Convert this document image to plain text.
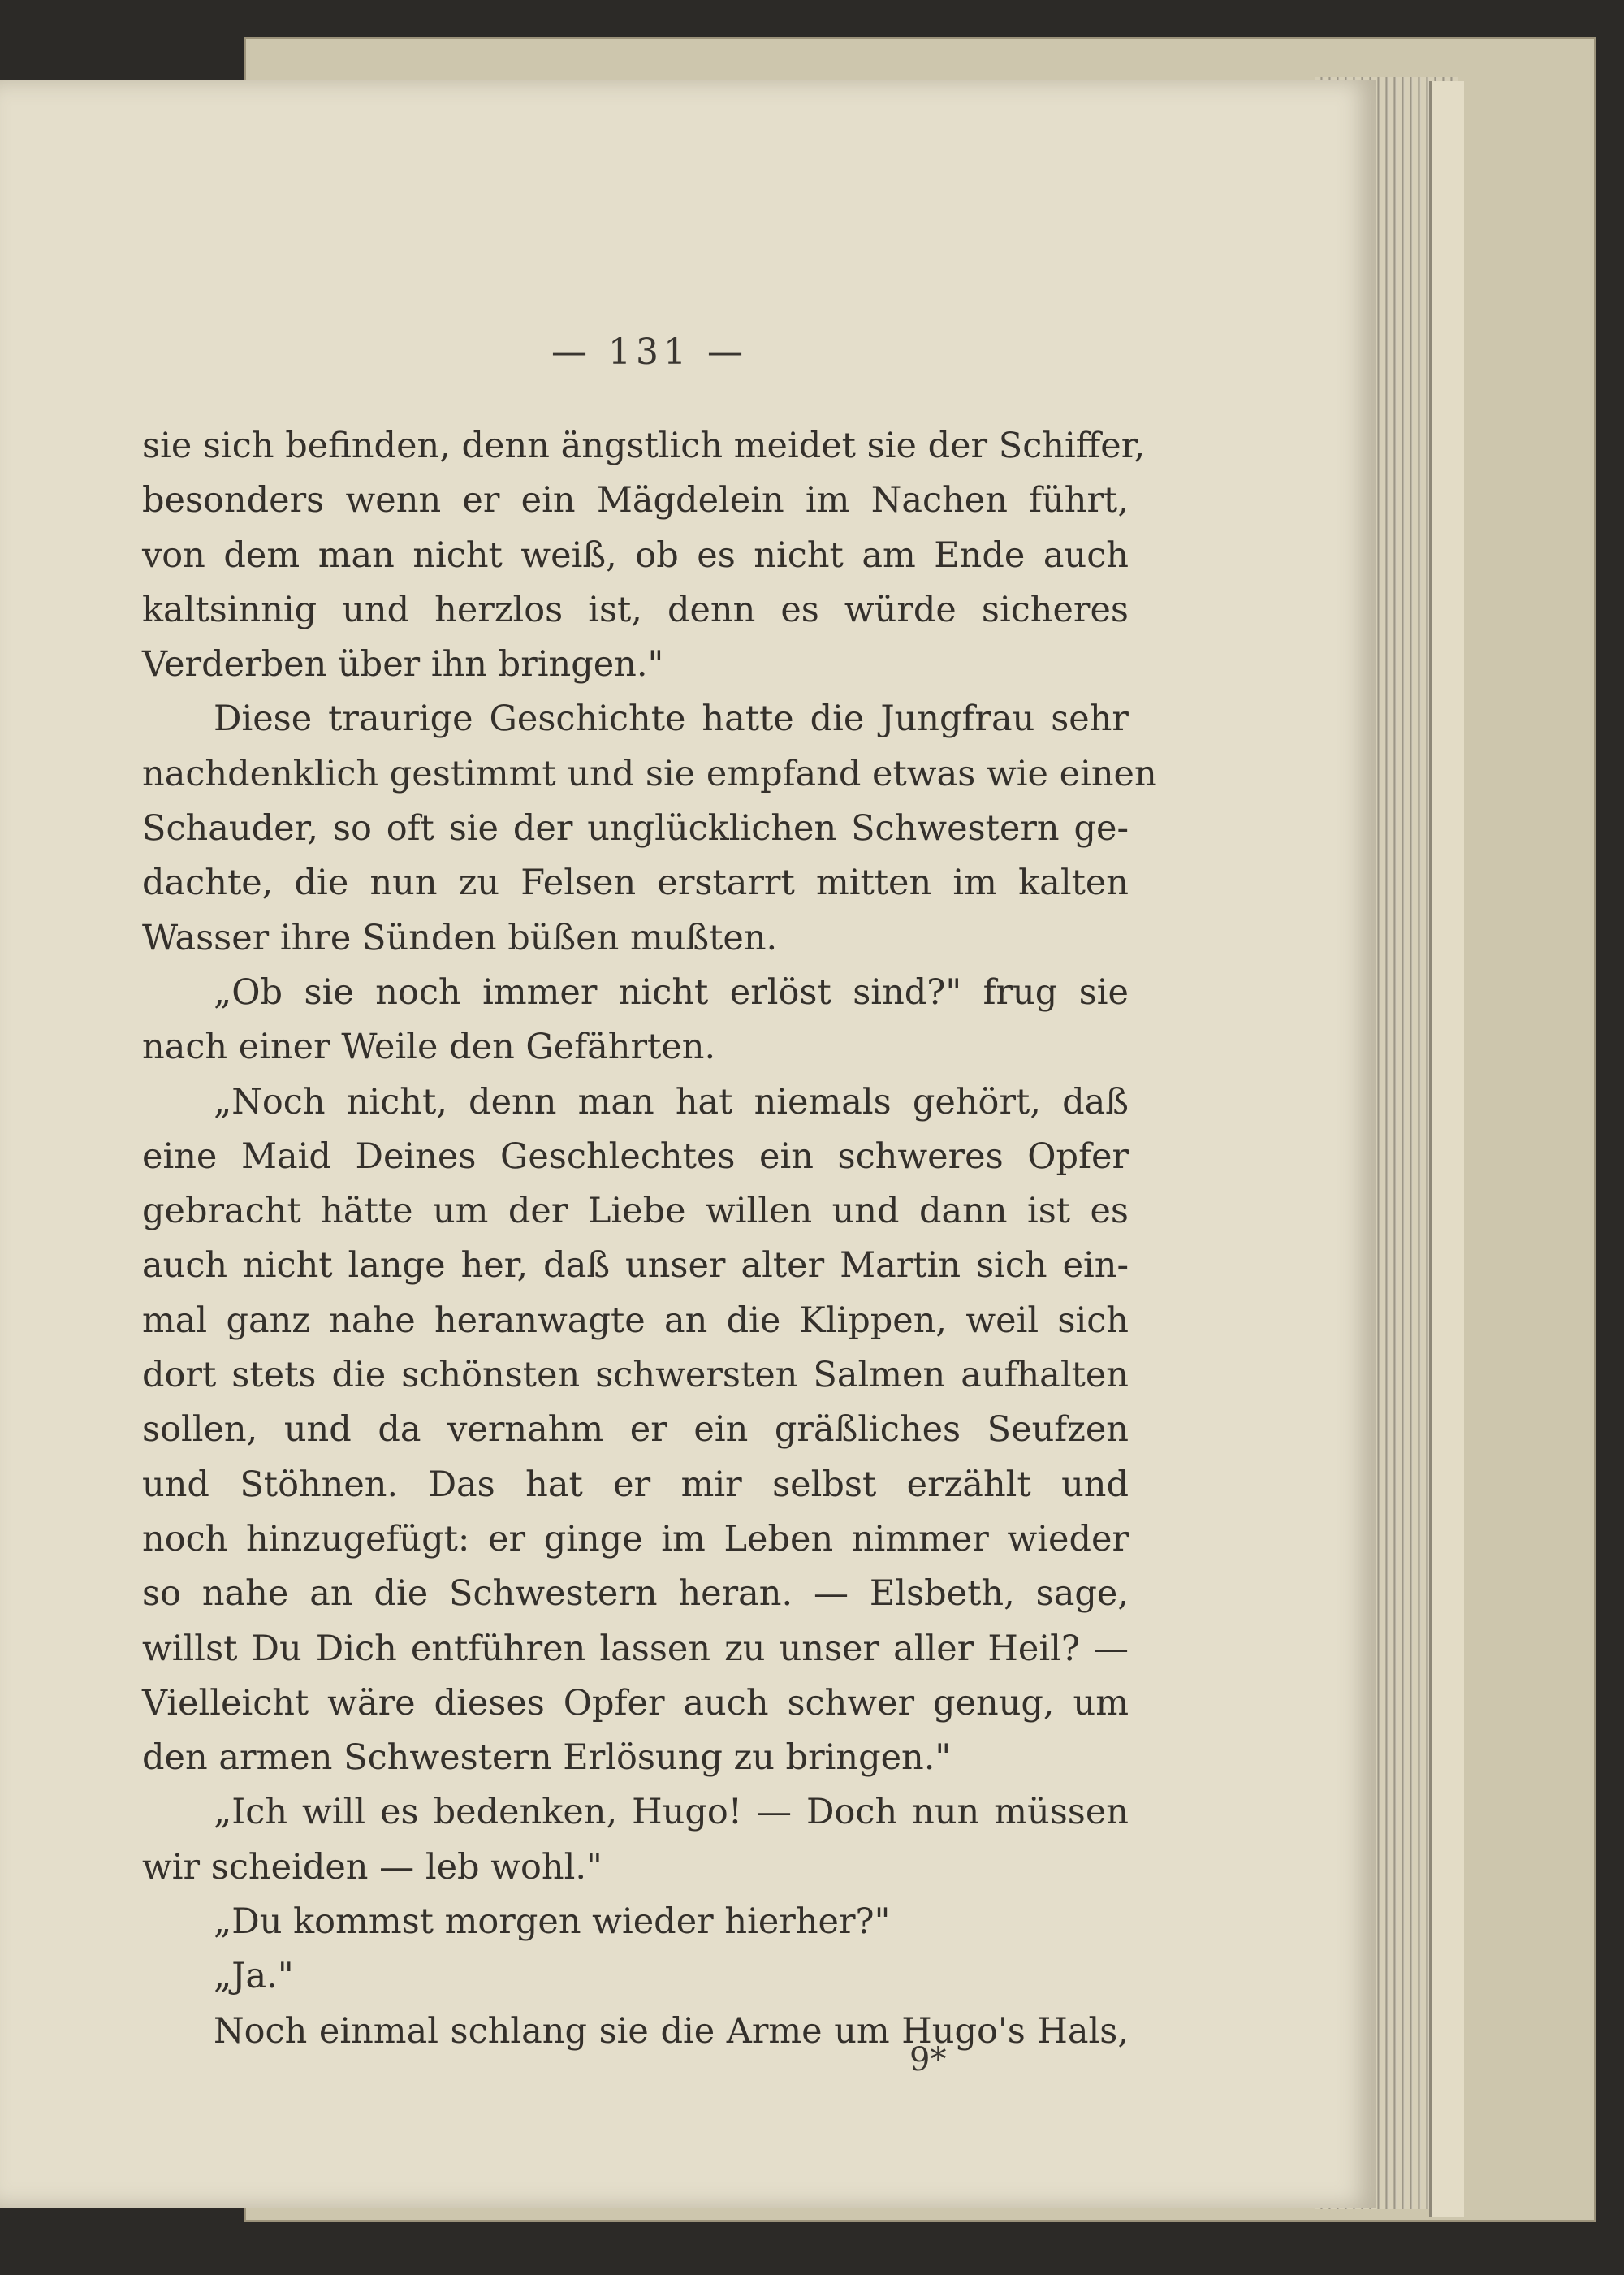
— 131 —
sie sich befinden, denn ängstlich meidet sie der Schiffer,
besonders wenn er ein Mägdelein im Nachen führt,
von dem man nicht weiß, ob es nicht am Ende auch
kaltsinnig und herzlos ist, denn es würde sicheres
Verderben über ihn bringen."
Diese traurige Geschichte hatte die Jungfrau sehr
nachdenklich gestimmt und sie empfand etwas wie einen
Schauder, so oft sie der unglücklichen Schwestern ge-
dachte, die nun zu Felsen erstarrt mitten im kalten
Wasser ihre Sünden büßen mußten.
„Ob sie noch immer nicht erlöst sind?" frug sie
nach einer Weile den Gefährten.
„Noch nicht, denn man hat niemals gehört, daß
eine Maid Deines Geschlechtes ein schweres Opfer
gebracht hätte um der Liebe willen und dann ist es
auch nicht lange her, daß unser alter Martin sich ein-
mal ganz nahe heranwagte an die Klippen, weil sich
dort stets die schönsten schwersten Salmen aufhalten
sollen, und da vernahm er ein gräßliches Seufzen
und Stöhnen. Das hat er mir selbst erzählt und
noch hinzugefügt: er ginge im Leben nimmer wieder
so nahe an die Schwestern heran. — Elsbeth, sage,
willst Du Dich entführen lassen zu unser aller Heil? —
Vielleicht wäre dieses Opfer auch schwer genug, um
den armen Schwestern Erlösung zu bringen."
„Ich will es bedenken, Hugo! — Doch nun müssen
wir scheiden — leb wohl."
„Du kommst morgen wieder hierher?"
„Ja."
Noch einmal schlang sie die Arme um Hugo's Hals,
9*
